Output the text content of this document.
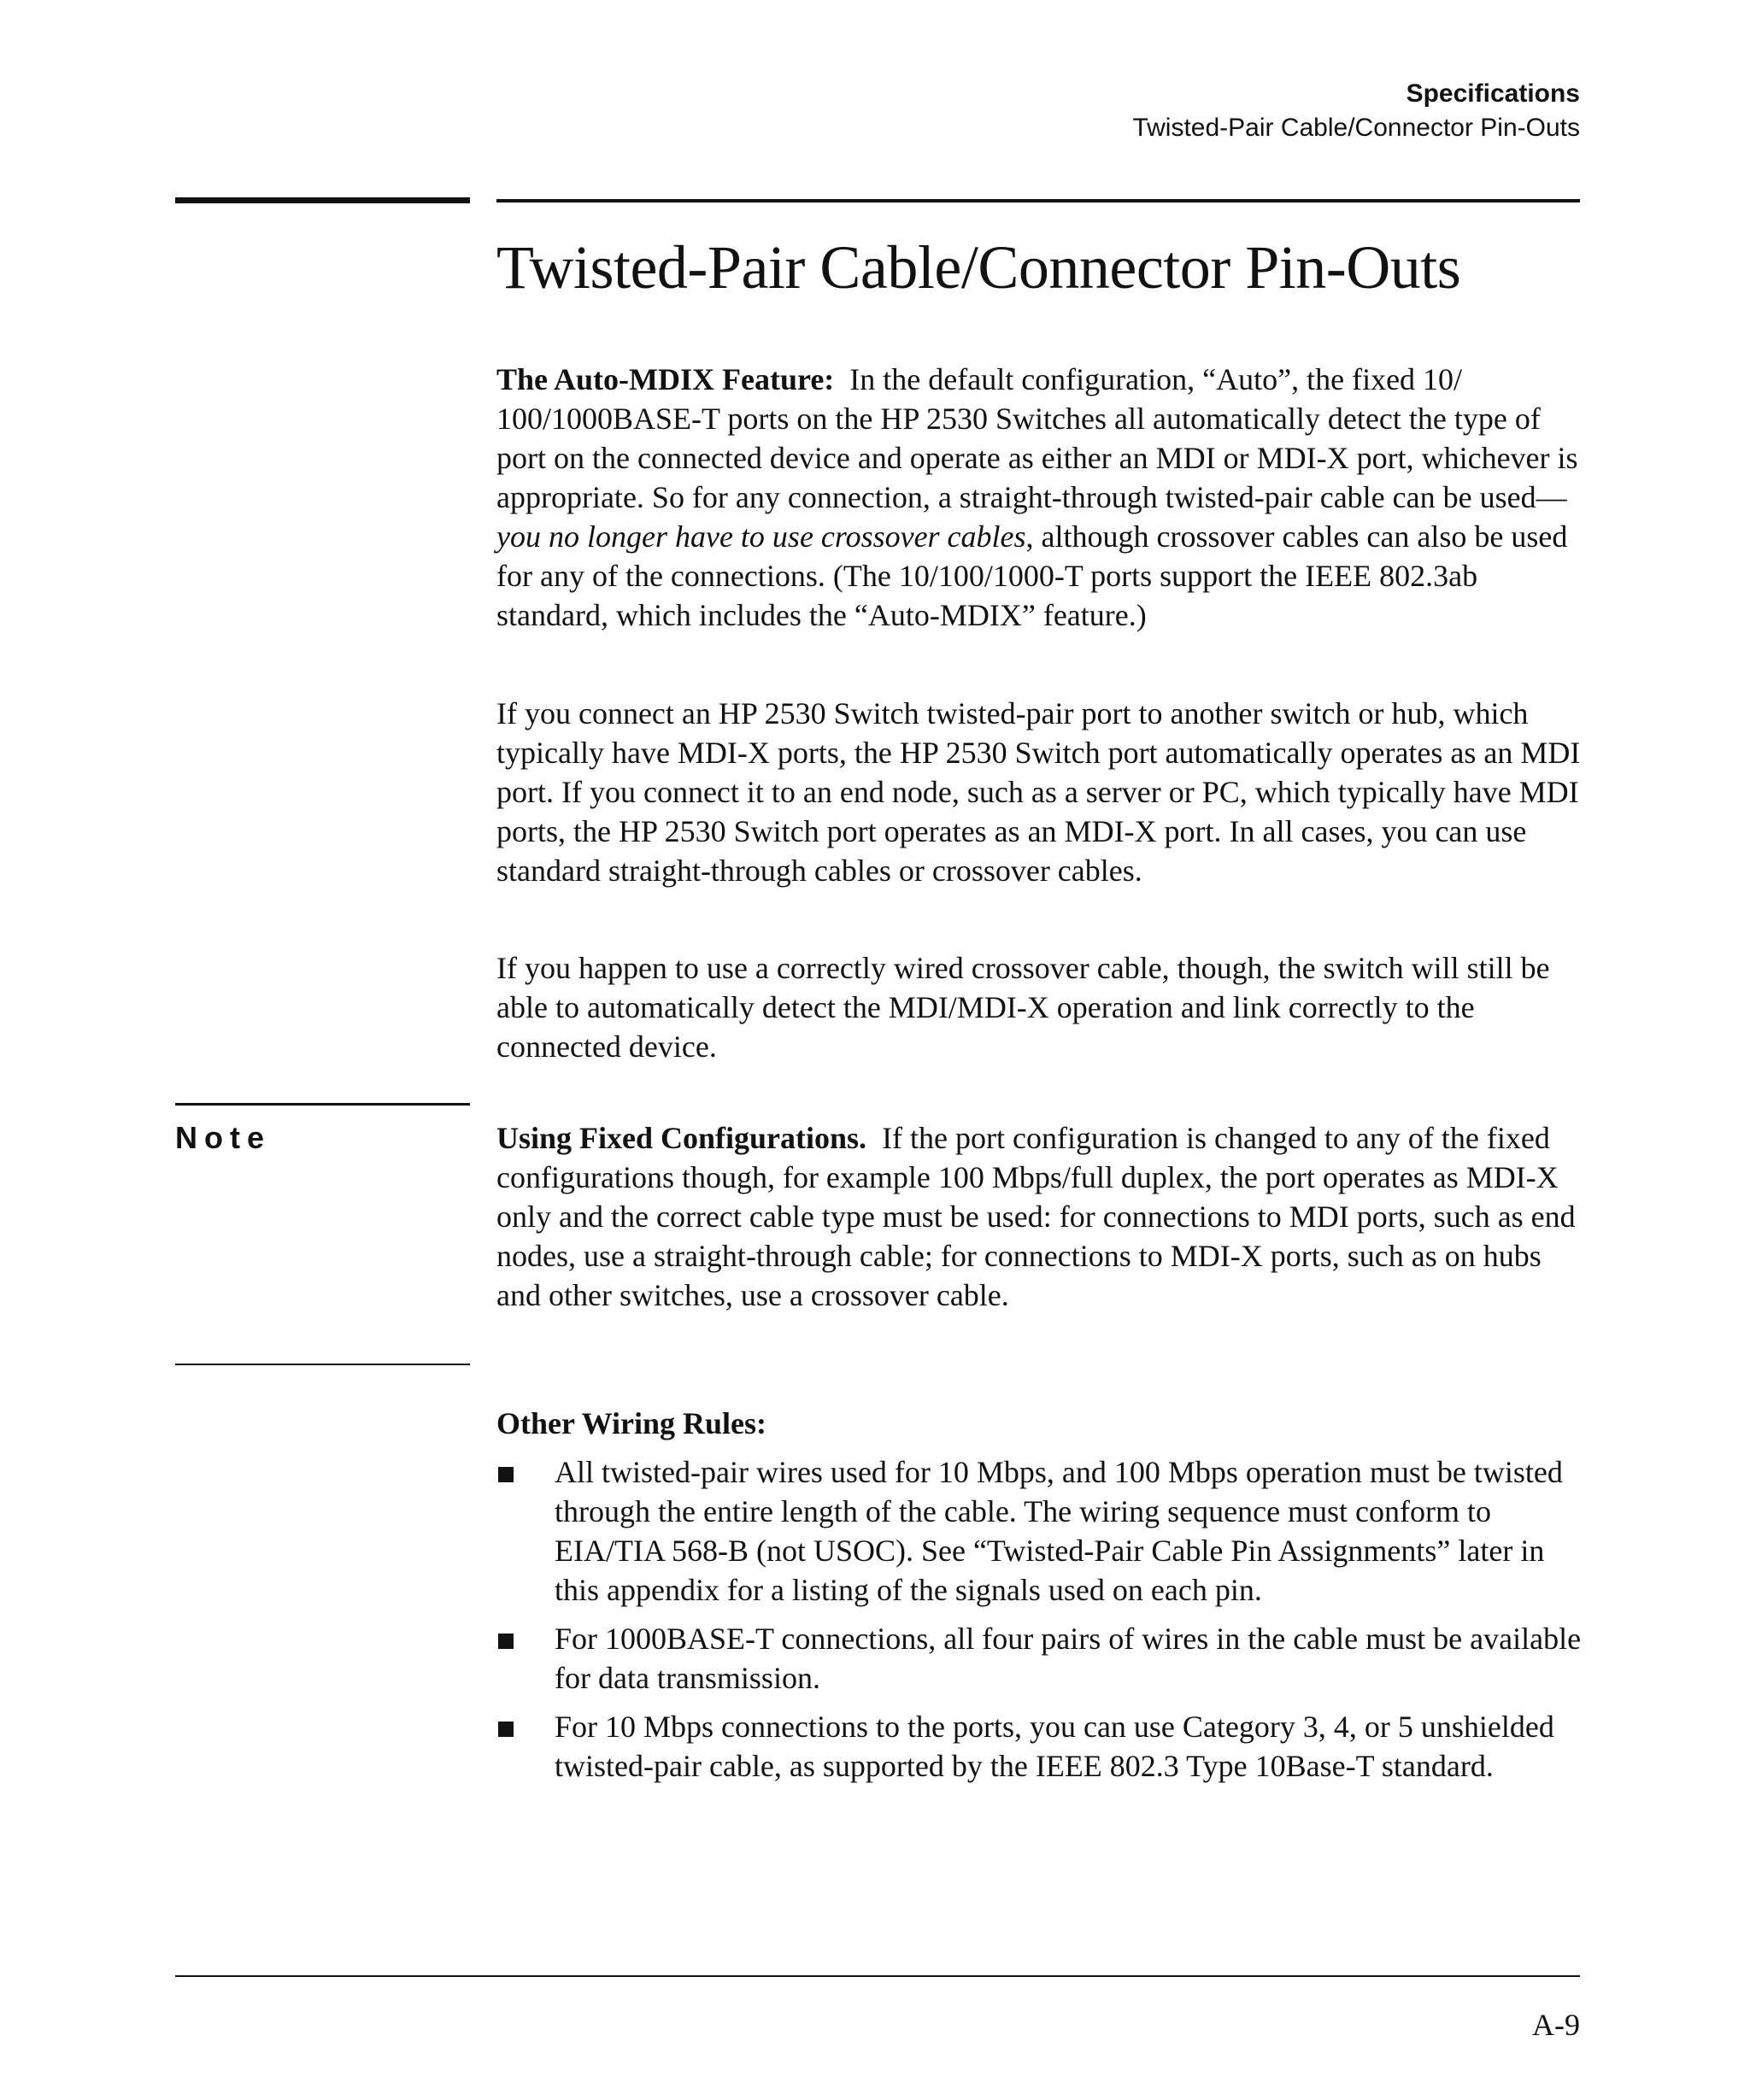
Specifications
Twisted-Pair Cable/Connector Pin-Outs
Twisted-Pair Cable/Connector Pin-Outs

The Auto-MDIX Feature: In the default configuration, “Auto”, the fixed 10/ 100/1000BASE-T ports on the HP 2530 Switches all automatically detect the type of port on the connected device and operate as either an MDI or MDI-X port, whichever is appropriate. So for any connection, a straight-through twisted-pair cable can be used—you no longer have to use crossover cables, although crossover cables can also be used for any of the connections. (The 10/100/1000-T ports support the IEEE 802.3ab standard, which includes the “Auto-MDIX” feature.)

If you connect an HP 2530 Switch twisted-pair port to another switch or hub, which typically have MDI-X ports, the HP 2530 Switch port automatically operates as an MDI port. If you connect it to an end node, such as a server or PC, which typically have MDI ports, the HP 2530 Switch port operates as an MDI-X port. In all cases, you can use standard straight-through cables or crossover cables.

If you happen to use a correctly wired crossover cable, though, the switch will still be able to automatically detect the MDI/MDI-X operation and link correctly to the connected device.

Note	Using Fixed Configurations. If the port configuration is changed to any of the fixed configurations though, for example 100 Mbps/full duplex, the port operates as MDI-X only and the correct cable type must be used: for connections to MDI ports, such as end nodes, use a straight-through cable; for connections to MDI-X ports, such as on hubs and other switches, use a crossover cable.

Other Wiring Rules:
All twisted-pair wires used for 10 Mbps, and 100 Mbps operation must be twisted through the entire length of the cable. The wiring sequence must conform to EIA/TIA 568-B (not USOC). See “Twisted-Pair Cable Pin Assignments” later in this appendix for a listing of the signals used on each pin.
For 1000BASE-T connections, all four pairs of wires in the cable must be available for data transmission.
For 10 Mbps connections to the ports, you can use Category 3, 4, or 5 unshielded twisted-pair cable, as supported by the IEEE 802.3 Type 10Base-T standard.
A-9
